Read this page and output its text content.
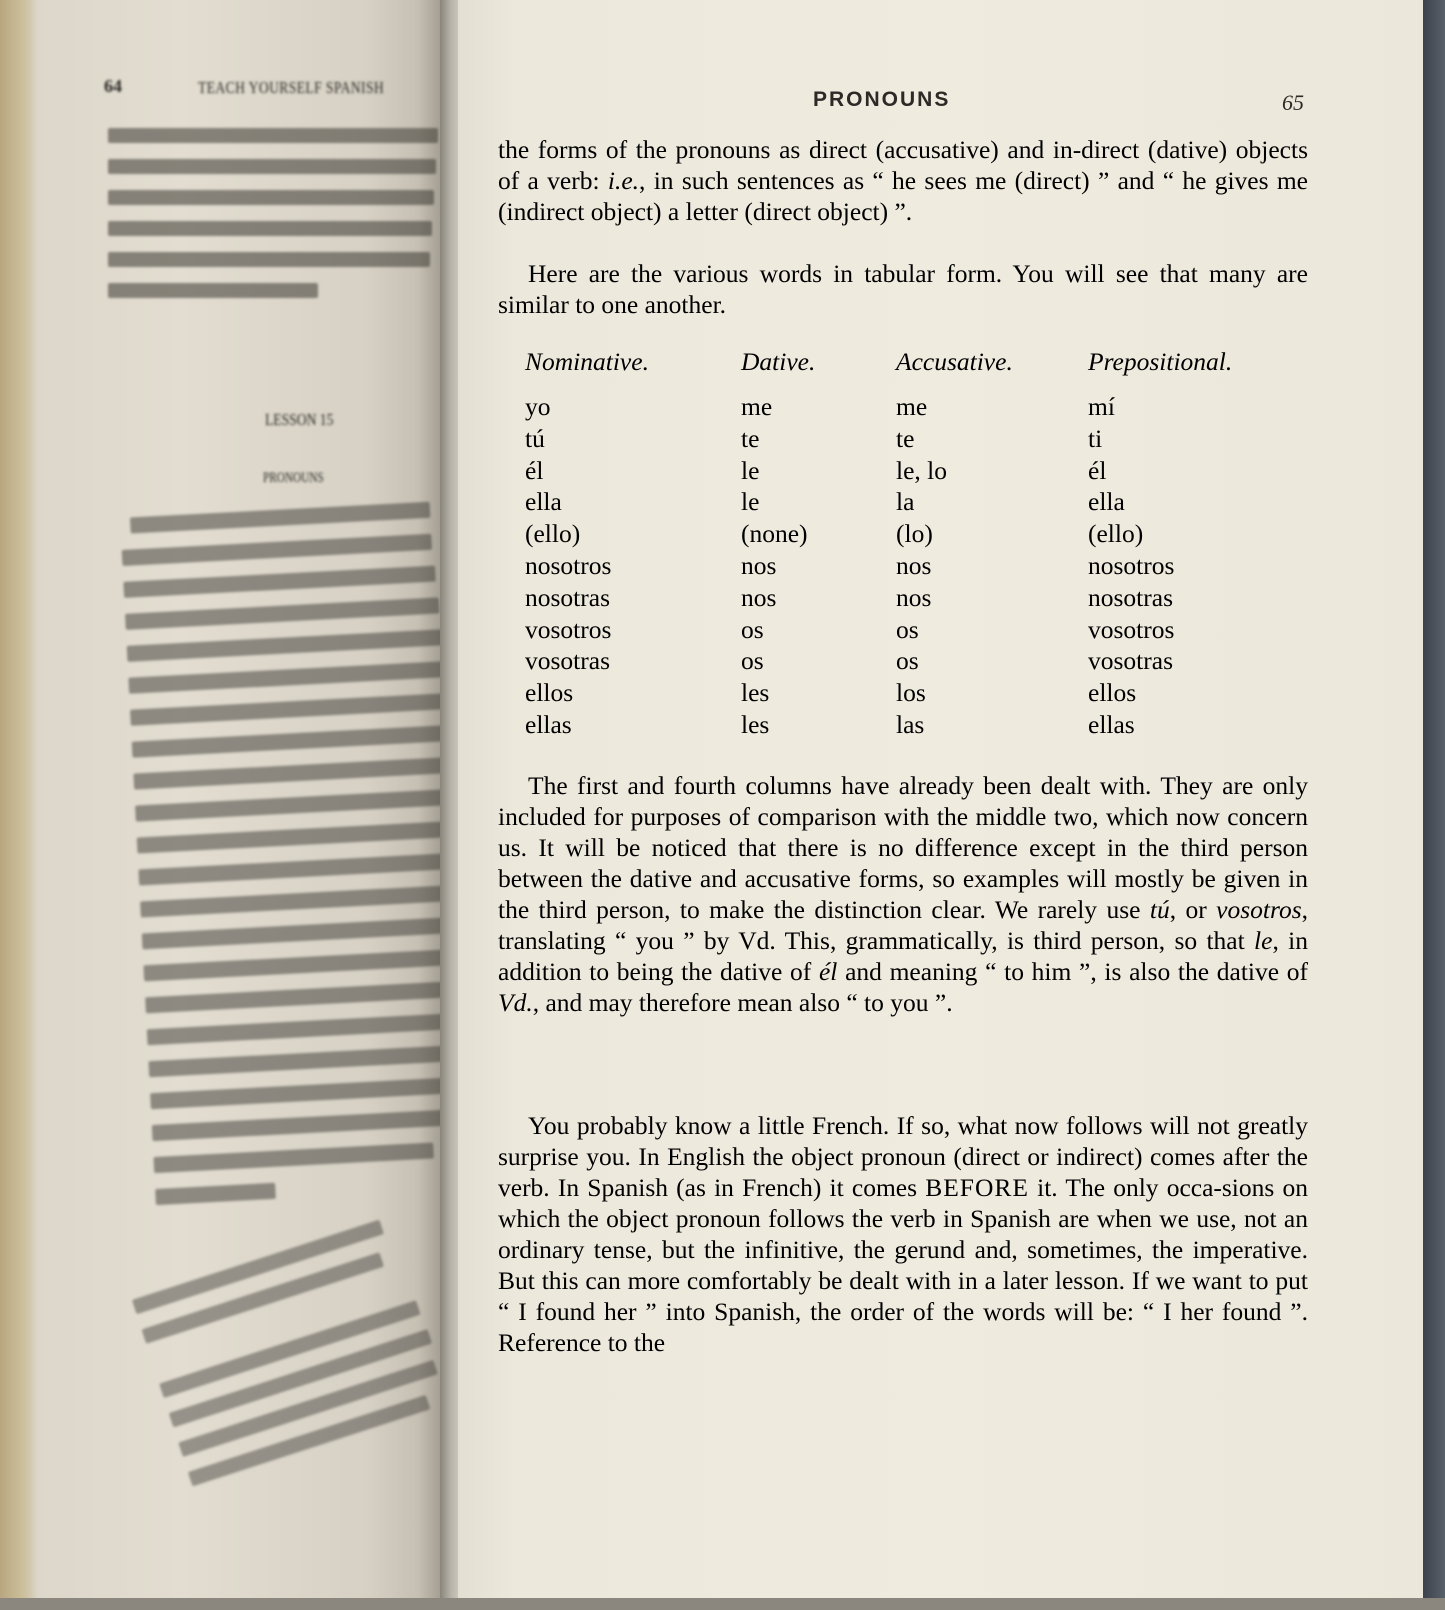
64	TEACH YOURSELF SPANISH
LESSON 15
PRONOUNS
PRONOUNS	65

the forms of the pronouns as direct (accusative) and in-direct (dative) objects of a verb: i.e., in such sentences as “ he sees me (direct) ” and “ he gives me (indirect object) a letter (direct object) ”.

Here are the various words in tabular form. You will see that many are similar to one another.

Nominative.	Dative.	Accusative.	Prepositional.
yo	me	me	mí
tú	te	te	ti
él	le	le, lo	él
ella	le	la	ella
(ello)	(none)	(lo)	(ello)
nosotros	nos	nos	nosotros
nosotras	nos	nos	nosotras
vosotros	os	os	vosotros
vosotras	os	os	vosotras
ellos	les	los	ellos
ellas	les	las	ellas

The first and fourth columns have already been dealt with. They are only included for purposes of comparison with the middle two, which now concern us. It will be noticed that there is no difference except in the third person between the dative and accusative forms, so examples will mostly be given in the third person, to make the distinction clear. We rarely use tú, or vosotros, translating “ you ” by Vd. This, grammatically, is third person, so that le, in addition to being the dative of él and meaning “ to him ”, is also the dative of Vd., and may therefore mean also “ to you ”.

You probably know a little French. If so, what now follows will not greatly surprise you. In English the object pronoun (direct or indirect) comes after the verb. In Spanish (as in French) it comes BEFORE it. The only occa-sions on which the object pronoun follows the verb in Spanish are when we use, not an ordinary tense, but the infinitive, the gerund and, sometimes, the imperative. But this can more comfortably be dealt with in a later lesson. If we want to put “ I found her ” into Spanish, the order of the words will be: “ I her found ”. Reference to the
